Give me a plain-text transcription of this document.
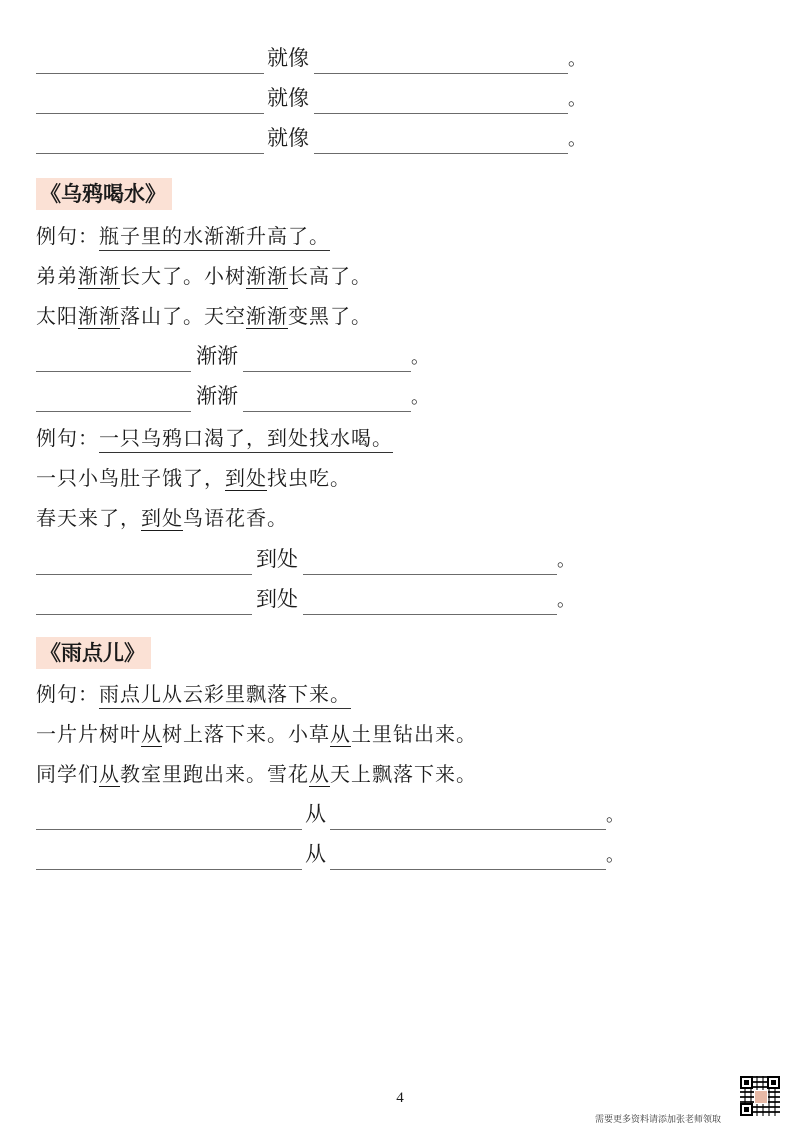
就像	。
就像	。
就像	。
《乌鸦喝水》
例句：瓶子里的水渐渐升高了。
弟弟渐渐长大了。小树渐渐长高了。
太阳渐渐落山了。天空渐渐变黑了。
渐渐	。
渐渐	。
例句：一只乌鸦口渴了，到处找水喝。
一只小鸟肚子饿了，到处找虫吃。
春天来了，到处鸟语花香。
到处	。
到处	。
《雨点儿》
例句：雨点儿从云彩里飘落下来。
一片片树叶从树上落下来。小草从土里钻出来。
同学们从教室里跑出来。雪花从天上飘落下来。
从	。
从	。
4
需要更多资料请添加张老师领取
